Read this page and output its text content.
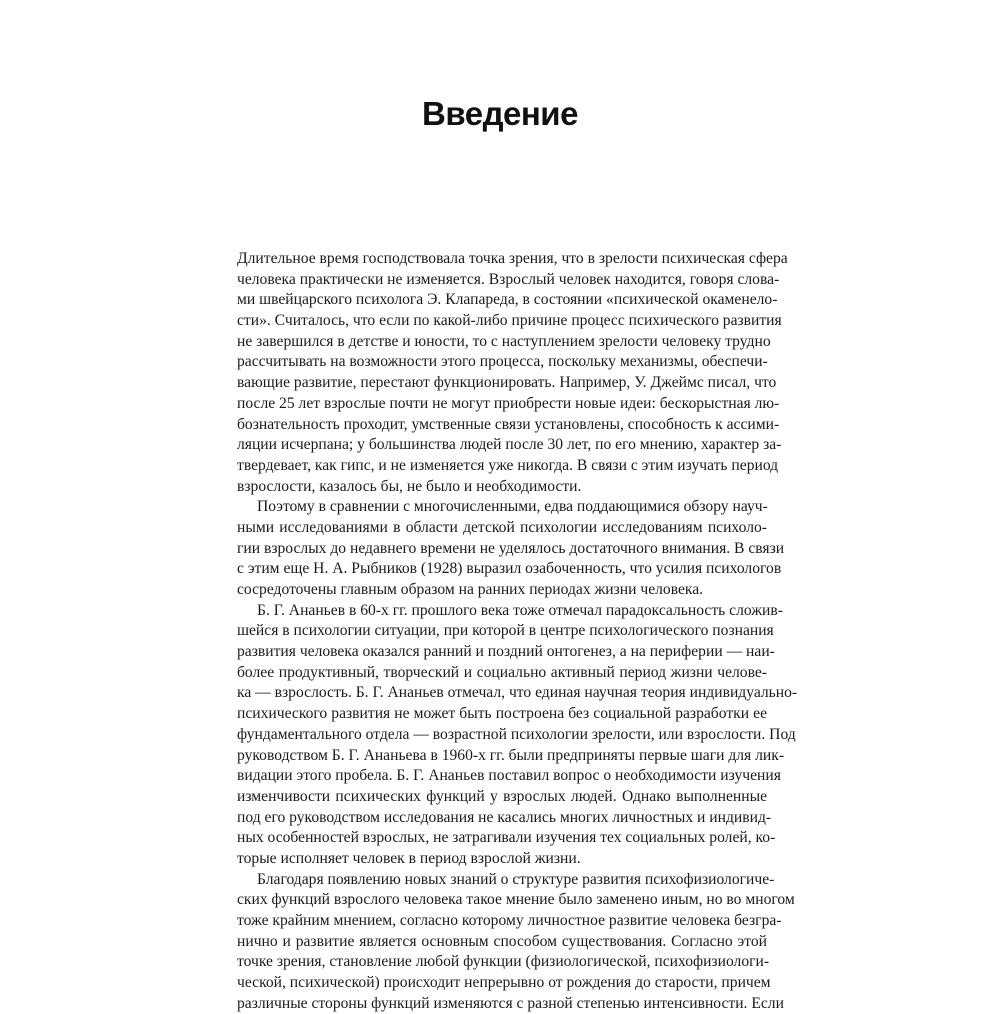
Введение
Длительное время господствовала точка зрения, что в зрелости психическая сфера
человека практически не изменяется. Взрослый человек находится, говоря слова-
ми швейцарского психолога Э. Клапареда, в состоянии «психической окаменело-
сти». Считалось, что если по какой-либо причине процесс психического развития
не завершился в детстве и юности, то с наступлением зрелости человеку трудно
рассчитывать на возможности этого процесса, поскольку механизмы, обеспечи-
вающие развитие, перестают функционировать. Например, У. Джеймс писал, что
после 25 лет взрослые почти не могут приобрести новые идеи: бескорыстная лю-
бознательность проходит, умственные связи установлены, способность к ассими-
ляции исчерпана; у большинства людей после 30 лет, по его мнению, характер за-
твердевает, как гипс, и не изменяется уже никогда. В связи с этим изучать период
взрослости, казалось бы, не было и необходимости.
Поэтому в сравнении с многочисленными, едва поддающимися обзору науч-
ными исследованиями в области детской психологии исследованиям психоло-
гии взрослых до недавнего времени не уделялось достаточного внимания. В связи
с этим еще Н. А. Рыбников (1928) выразил озабоченность, что усилия психологов
сосредоточены главным образом на ранних периодах жизни человека.
Б. Г. Ананьев в 60-х гг. прошлого века тоже отмечал парадоксальность сложив-
шейся в психологии ситуации, при которой в центре психологического познания
развития человека оказался ранний и поздний онтогенез, а на периферии — наи-
более продуктивный, творческий и социально активный период жизни челове-
ка — взрослость. Б. Г. Ананьев отмечал, что единая научная теория индивидуально-
психического развития не может быть построена без социальной разработки ее
фундаментального отдела — возрастной психологии зрелости, или взрослости. Под
руководством Б. Г. Ананьева в 1960-х гг. были предприняты первые шаги для лик-
видации этого пробела. Б. Г. Ананьев поставил вопрос о необходимости изучения
изменчивости психических функций у взрослых людей. Однако выполненные
под его руководством исследования не касались многих личностных и индивид-
ных особенностей взрослых, не затрагивали изучения тех социальных ролей, ко-
торые исполняет человек в период взрослой жизни.
Благодаря появлению новых знаний о структуре развития психофизиологиче-
ских функций взрослого человека такое мнение было заменено иным, но во многом
тоже крайним мнением, согласно которому личностное развитие человека безгра-
нично и развитие является основным способом существования. Согласно этой
точке зрения, становление любой функции (физиологической, психофизиологи-
ческой, психической) происходит непрерывно от рождения до старости, причем
различные стороны функций изменяются с разной степенью интенсивности. Если
